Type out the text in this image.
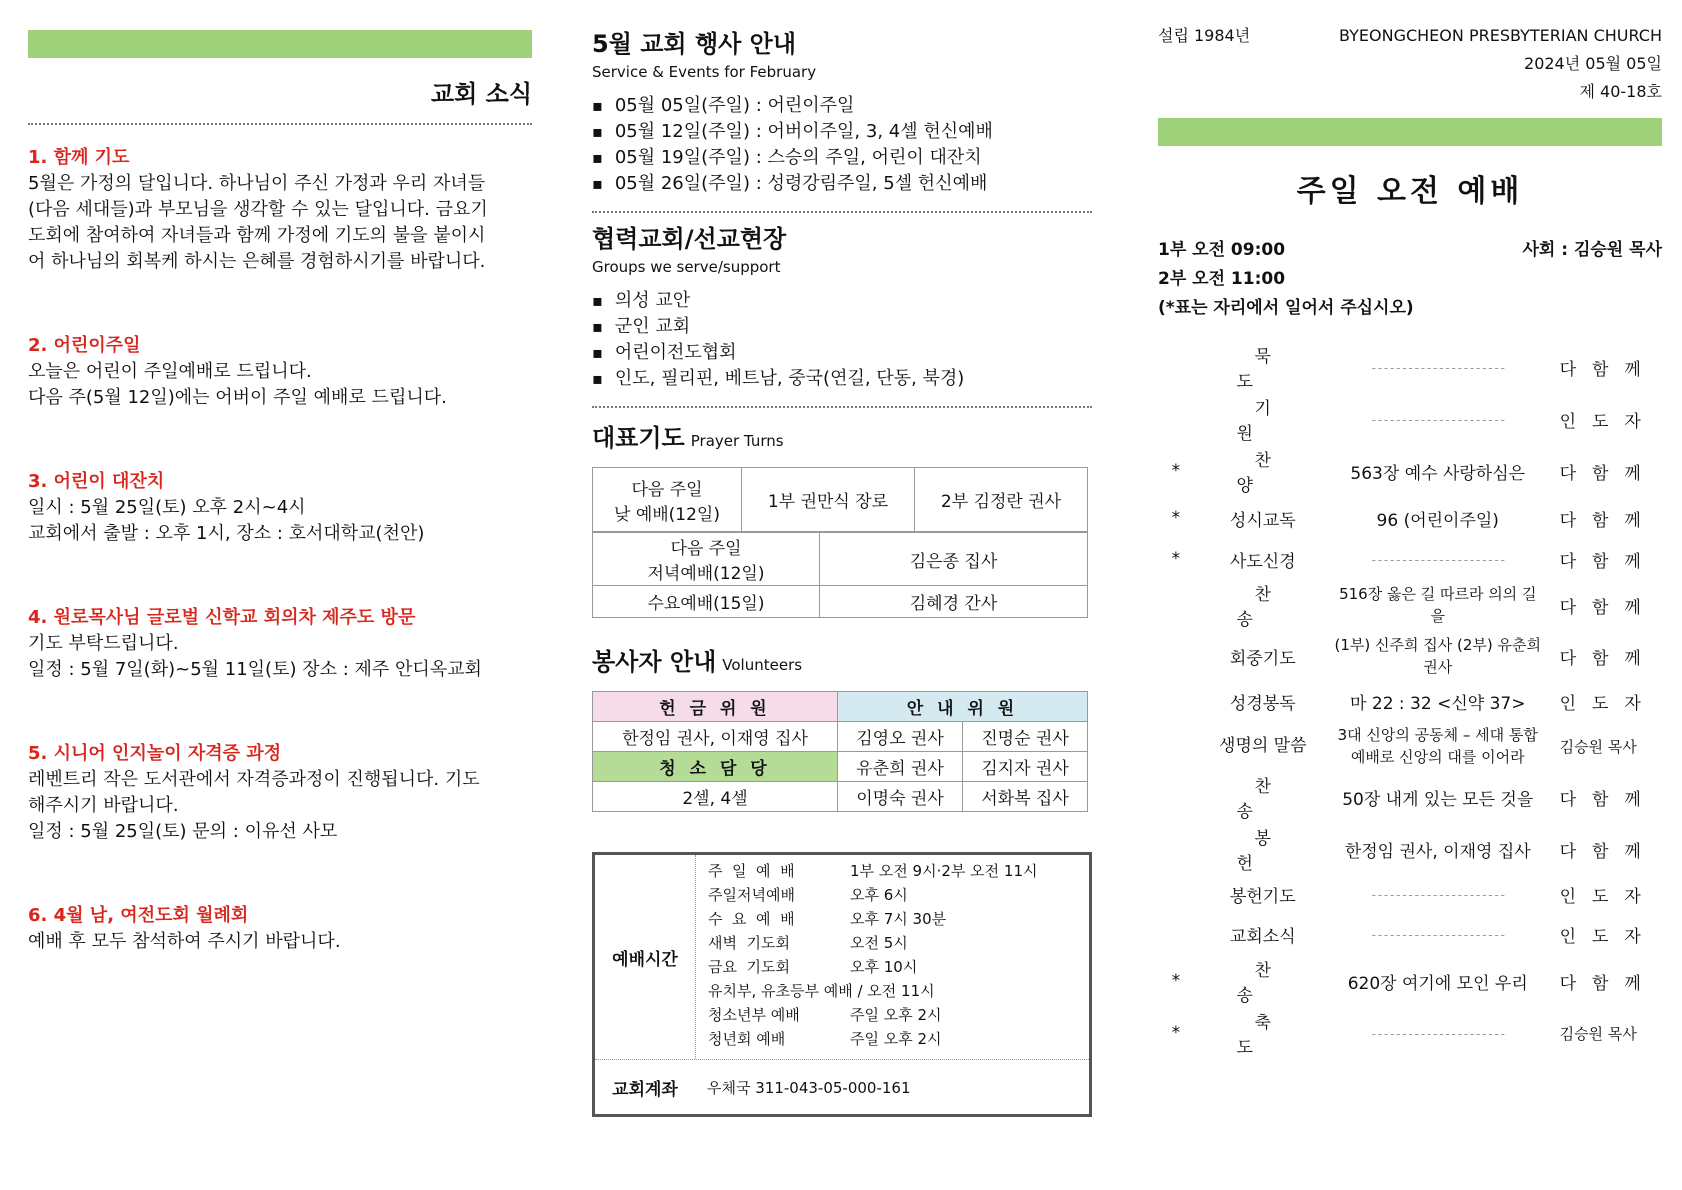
교회 소식
1. 함께 기도
5월은 가정의 달입니다. 하나님이 주신 가정과 우리 자녀들
(다음 세대들)과 부모님을 생각할 수 있는 달입니다. 금요기
도회에 참여하여 자녀들과 함께 가정에 기도의 불을 붙이시
어 하나님의 회복케 하시는 은혜를 경험하시기를 바랍니다.
2. 어린이주일
오늘은 어린이 주일예배로 드립니다.
다음 주(5월 12일)에는 어버이 주일 예배로 드립니다.
3. 어린이 대잔치
일시 : 5월 25일(토) 오후 2시~4시
교회에서 출발 : 오후 1시, 장소 : 호서대학교(천안)
4. 원로목사님 글로벌 신학교 회의차 제주도 방문
기도 부탁드립니다.
일정 : 5월 7일(화)~5월 11일(토) 장소 : 제주 안디옥교회
5. 시니어 인지놀이 자격증 과정
레벤트리 작은 도서관에서 자격증과정이 진행됩니다. 기도
해주시기 바랍니다.
일정 : 5월 25일(토) 문의 : 이유선 사모
6. 4월 남, 여전도회 월례회
예배 후 모두 참석하여 주시기 바랍니다.
5월 교회 행사 안내
Service & Events for February
▪ 05월 05일(주일) : 어린이주일
▪ 05월 12일(주일) : 어버이주일, 3, 4셀 헌신예배
▪ 05월 19일(주일) : 스승의 주일, 어린이 대잔치
▪ 05월 26일(주일) : 성령강림주일, 5셀 헌신예배
협력교회/선교현장
Groups we serve/support
▪ 의성 교안
▪ 군인 교회
▪ 어린이전도협회
▪ 인도, 필리핀, 베트남, 중국(연길, 단동, 북경)
대표기도 Prayer Turns
다음 주일
낮 예배(12일)
	1부 권만식 장로	2부 김정란 권사
다음 주일
저녁예배(12일)	김은종 집사
수요예배(15일)	김혜경 간사
봉사자 안내 Volunteers
헌 금 위 원	안 내 위 원	
한정임 권사, 이재영 집사	김영오 권사	진명순 권사
청 소 담 당	유춘희 권사	김지자 권사
2셀, 4셀	이명숙 권사	서화복 집사
예배시간
주  일  예  배	1부 오전 9시·2부 오전 11시
주일저녁예배	오후 6시
수  요  예  배	오후 7시 30분
새벽  기도회	오전 5시
금요  기도회	오후 10시
유치부, 유초등부 예배 / 오전 11시
청소년부 예배	주일 오후 2시
청년회 예배	주일 오후 2시
교회계좌	우체국 311-043-05-000-161
설립 1984년	BYEONGCHEON PRESBYTERIAN CHURCH
2024년 05월 05일
제 40-18호
주일 오전 예배
1부 오전 09:00
2부 오전 11:00
(*표는 자리에서 일어서 주십시오)
사회 : 김승원 목사
	묵도	- - - - - - - - - - - - - - - - - - - - - -	다함께
	기원	- - - - - - - - - - - - - - - - - - - - - -	인도자
*	찬양	563장 예수 사랑하심은	다함께
*	성시교독	96 (어린이주일)	다함께
*	사도신경	- - - - - - - - - - - - - - - - - - - - - -	다함께
	찬송	516장 옳은 길 따르라 의의 길을	다함께
	회중기도	(1부) 신주희 집사 (2부) 유춘희 권사	다함께
	성경봉독	마 22 : 32 <신약 37>	인도자
	생명의 말씀	3대 신앙의 공동체 – 세대 통합 예배로 신앙의 대를 이어라	김승원 목사
	찬송	50장 내게 있는 모든 것을	다함께
	봉헌	한정임 권사, 이재영 집사	다함께
	봉헌기도	- - - - - - - - - - - - - - - - - - - - - -	인도자
	교회소식	- - - - - - - - - - - - - - - - - - - - - -	인도자
*	찬송	620장 여기에 모인 우리	다함께
*	축도	- - - - - - - - - - - - - - - - - - - - - -	김승원 목사
